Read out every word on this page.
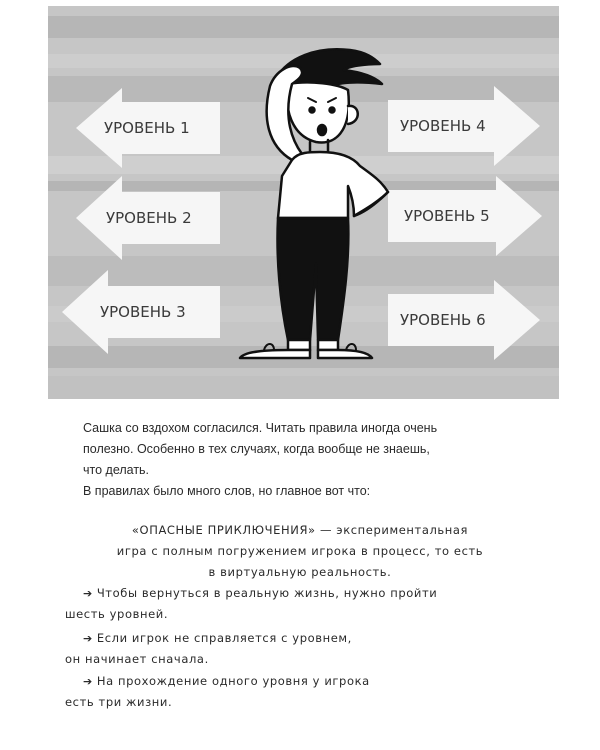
УРОВЕНЬ 1
УРОВЕНЬ 2
УРОВЕНЬ 3
УРОВЕНЬ 4
УРОВЕНЬ 5
УРОВЕНЬ 6
Сашка со вздохом согласился. Читать правила иногда очень
полезно. Особенно в тех случаях, когда вообще не знаешь,
что делать.
В правилах было много слов, но главное вот что:

«ОПАСНЫЕ ПРИКЛЮЧЕНИЯ» — экспериментальная

игра с полным погружением игрока в процесс, то есть

в виртуальную реальность.

➔ Чтобы вернуться в реальную жизнь, нужно пройти

шесть уровней.

➔ Если игрок не справляется с уровнем,

он начинает сначала.

➔ На прохождение одного уровня у игрока

есть три жизни.
